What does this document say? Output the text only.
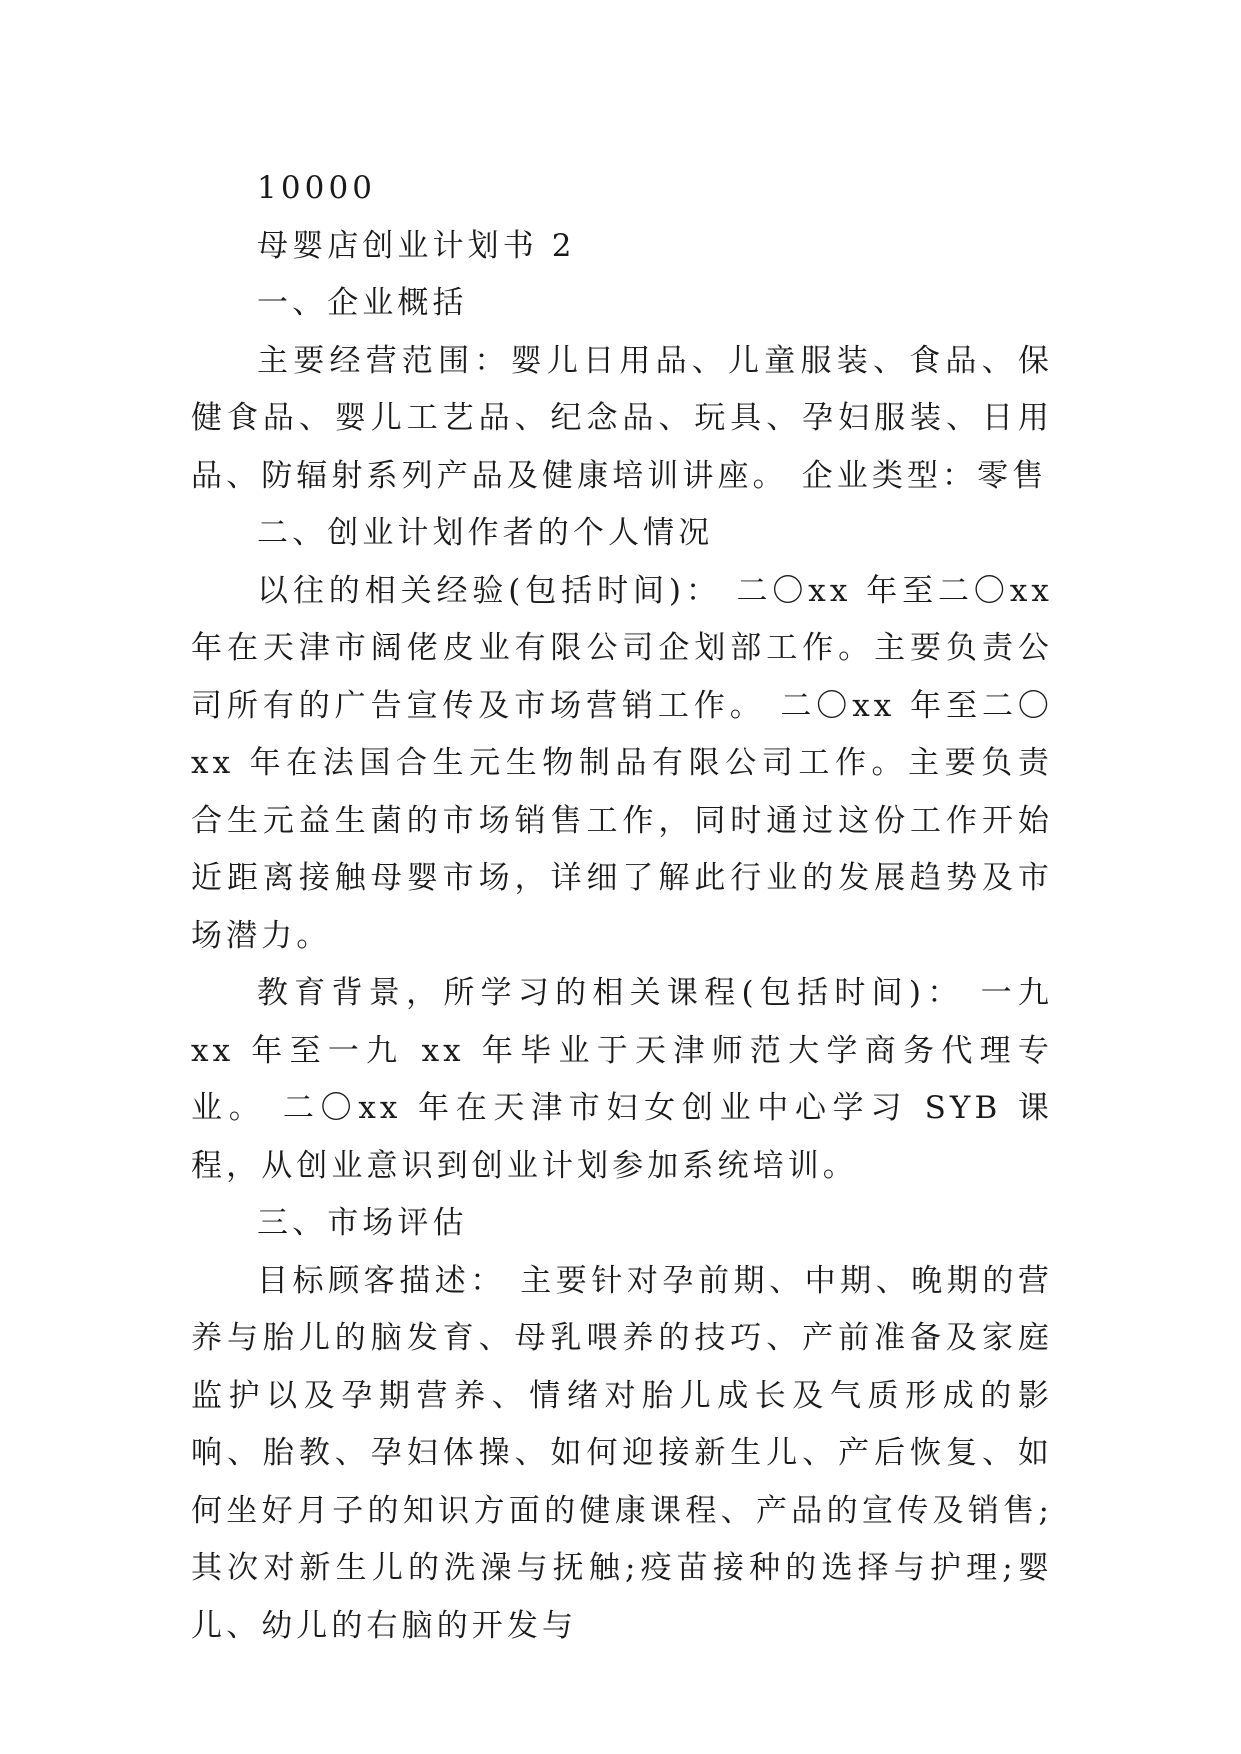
10000

母婴店创业计划书 2

一、企业概括

主要经营范围：婴儿日用品、儿童服装、食品、保健食品、婴儿工艺品、纪念品、玩具、孕妇服装、日用品、防辐射系列产品及健康培训讲座。 企业类型：零售

二、创业计划作者的个人情况

以往的相关经验(包括时间)： 二〇xx 年至二〇xx 年在天津市阔佬皮业有限公司企划部工作。主要负责公司所有的广告宣传及市场营销工作。 二〇xx 年至二〇xx 年在法国合生元生物制品有限公司工作。主要负责合生元益生菌的市场销售工作，同时通过这份工作开始近距离接触母婴市场，详细了解此行业的发展趋势及市场潜力。

教育背景，所学习的相关课程(包括时间)： 一九 xx 年至一九 xx 年毕业于天津师范大学商务代理专业。 二〇xx 年在天津市妇女创业中心学习 SYB 课程，从创业意识到创业计划参加系统培训。

三、市场评估

目标顾客描述： 主要针对孕前期、中期、晚期的营养与胎儿的脑发育、母乳喂养的技巧、产前准备及家庭监护以及孕期营养、情绪对胎儿成长及气质形成的影响、胎教、孕妇体操、如何迎接新生儿、产后恢复、如何坐好月子的知识方面的健康课程、产品的宣传及销售;其次对新生儿的洗澡与抚触;疫苗接种的选择与护理;婴儿、幼儿的右脑的开发与
